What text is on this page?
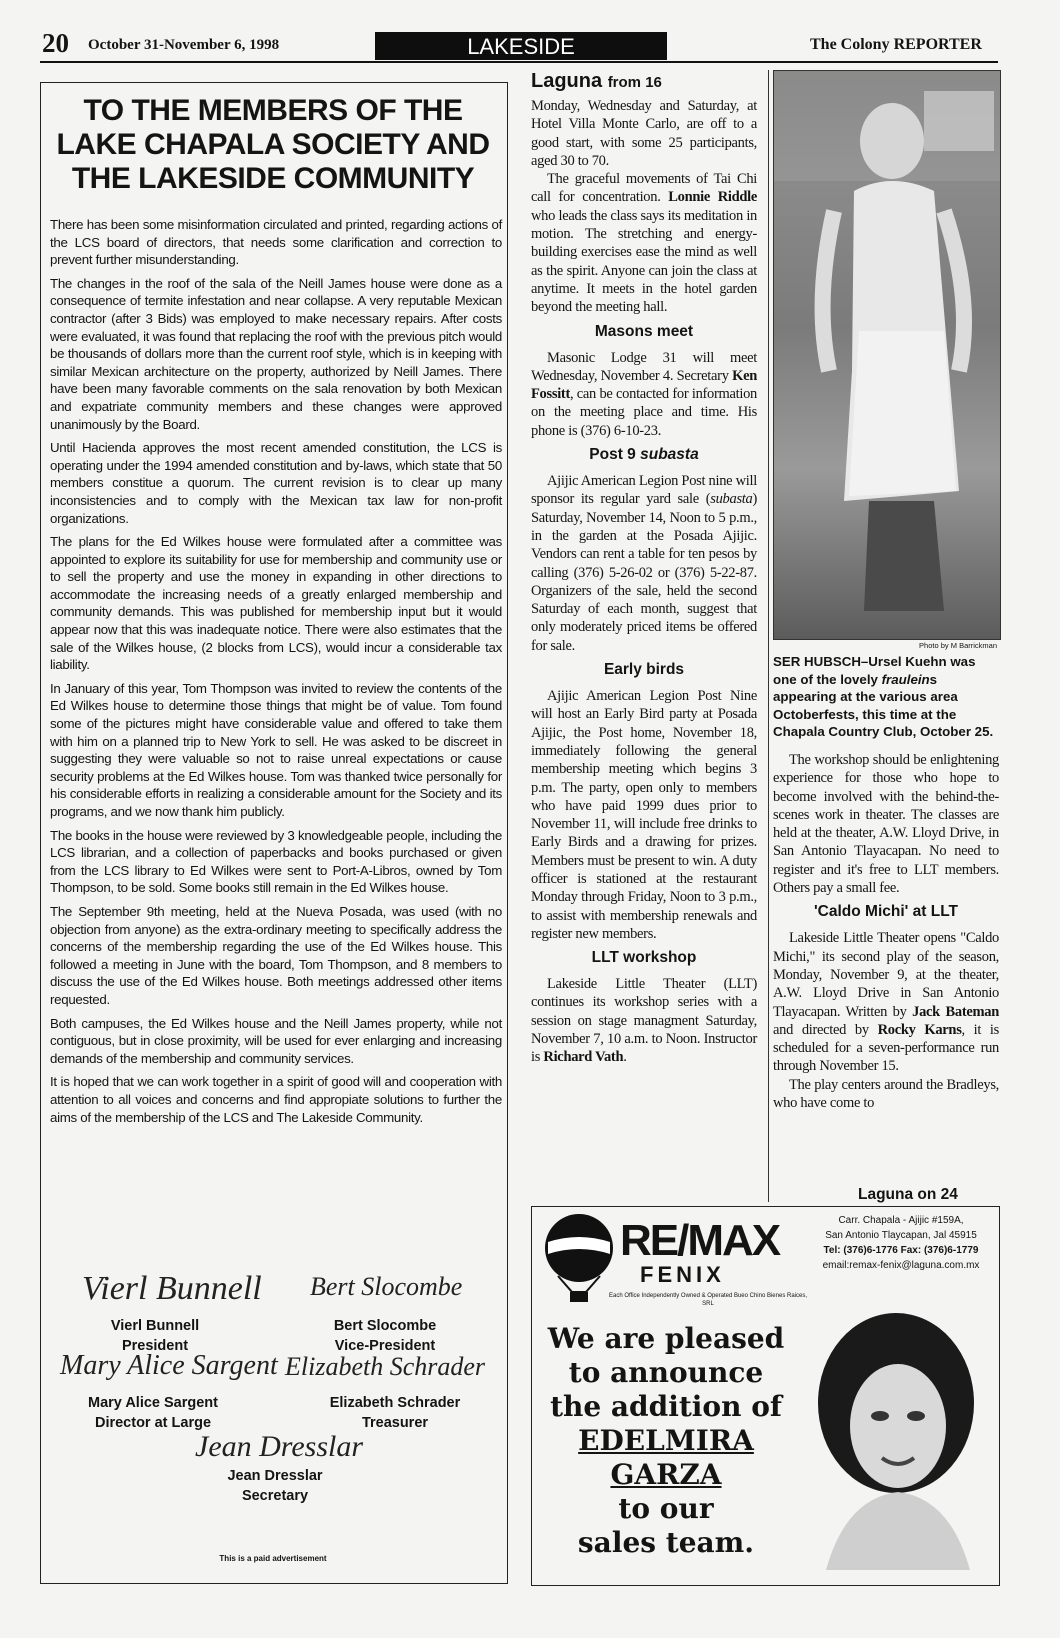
20 October 31-November 6, 1998	LAKESIDE	The Colony REPORTER
TO THE MEMBERS OF THE LAKE CHAPALA SOCIETY AND THE LAKESIDE COMMUNITY

There has been some misinformation circulated and printed, regarding actions of the LCS board of directors, that needs some clarification and correction to prevent further misunderstanding.

The changes in the roof of the sala of the Neill James house were done as a consequence of termite infestation and near collapse. A very reputable Mexican contractor (after 3 Bids) was employed to make necessary repairs. After costs were evaluated, it was found that replacing the roof with the previous pitch would be thousands of dollars more than the current roof style, which is in keeping with similar Mexican architecture on the property, authorized by Neill James. There have been many favorable comments on the sala renovation by both Mexican and expatriate community members and these changes were approved unanimously by the Board.

Until Hacienda approves the most recent amended constitution, the LCS is operating under the 1994 amended constitution and by-laws, which state that 50 members constitue a quorum. The current revision is to clear up many inconsistencies and to comply with the Mexican tax law for non-profit organizations.

The plans for the Ed Wilkes house were formulated after a committee was appointed to explore its suitability for use for membership and community use or to sell the property and use the money in expanding in other directions to accommodate the increasing needs of a greatly enlarged membership and community demands. This was published for membership input but it would appear now that this was inadequate notice. There were also estimates that the sale of the Wilkes house, (2 blocks from LCS), would incur a considerable tax liability.

In January of this year, Tom Thompson was invited to review the contents of the Ed Wilkes house to determine those things that might be of value. Tom found some of the pictures might have considerable value and offered to take them with him on a planned trip to New York to sell. He was asked to be discreet in suggesting they were valuable so not to raise unreal expectations or cause security problems at the Ed Wilkes house. Tom was thanked twice personally for his considerable efforts in realizing a considerable amount for the Society and its programs, and we now thank him publicly.

The books in the house were reviewed by 3 knowledgeable people, including the LCS librarian, and a collection of paperbacks and books purchased or given from the LCS library to Ed Wilkes were sent to Port-A-Libros, owned by Tom Thompson, to be sold. Some books still remain in the Ed Wilkes house.

The September 9th meeting, held at the Nueva Posada, was used (with no objection from anyone) as the extra-ordinary meeting to specifically address the concerns of the membership regarding the use of the Ed Wilkes house. This followed a meeting in June with the board, Tom Thompson, and 8 members to discuss the use of the Ed Wilkes house. Both meetings addressed other items requested.

Both campuses, the Ed Wilkes house and the Neill James property, while not contiguous, but in close proximity, will be used for ever enlarging and increasing demands of the membership and community services.

It is hoped that we can work together in a spirit of good will and cooperation with attention to all voices and concerns and find appropiate solutions to further the aims of the membership of the LCS and The Lakeside Community.

Vierl Bunnell
Vierl Bunnell
President
Bert Slocombe
Bert Slocombe
Vice-President
Mary Alice Sargent
Mary Alice Sargent
Director at Large
Elizabeth Schrader
Elizabeth Schrader
Treasurer
Jean Dresslar
Jean Dresslar
Secretary
This is a paid advertisement
Laguna from 16

Monday, Wednesday and Saturday, at Hotel Villa Monte Carlo, are off to a good start, with some 25 participants, aged 30 to 70.

The graceful movements of Tai Chi call for concentration. Lonnie Riddle who leads the class says its meditation in motion. The stretching and energy-building exercises ease the mind as well as the spirit. Anyone can join the class at anytime. It meets in the hotel garden beyond the meeting hall.

Masons meet

Masonic Lodge 31 will meet Wednesday, November 4. Secretary Ken Fossitt, can be contacted for information on the meeting place and time. His phone is (376) 6-10-23.

Post 9 subasta

Ajijic American Legion Post nine will sponsor its regular yard sale (subasta) Saturday, November 14, Noon to 5 p.m., in the garden at the Posada Ajijic. Vendors can rent a table for ten pesos by calling (376) 5-26-02 or (376) 5-22-87. Organizers of the sale, held the second Saturday of each month, suggest that only moderately priced items be offered for sale.

Early birds

Ajijic American Legion Post Nine will host an Early Bird party at Posada Ajijic, the Post home, November 18, immediately following the general membership meeting which begins 3 p.m. The party, open only to members who have paid 1999 dues prior to November 11, will include free drinks to Early Birds and a drawing for prizes. Members must be present to win. A duty officer is stationed at the restaurant Monday through Friday, Noon to 3 p.m., to assist with membership renewals and register new members.

LLT workshop

Lakeside Little Theater (LLT) continues its workshop series with a session on stage managment Saturday, November 7, 10 a.m. to Noon. Instructor is Richard Vath.

Photo by M Barrickman
SER HUBSCH–Ursel Kuehn was one of the lovely frauleins appearing at the various area Octoberfests, this time at the Chapala Country Club, October 25.

The workshop should be enlightening experience for those who hope to become involved with the behind-the-scenes work in theater. The classes are held at the theater, A.W. Lloyd Drive, in San Antonio Tlayacapan. No need to register and it's free to LLT members. Others pay a small fee.

'Caldo Michi' at LLT

Lakeside Little Theater opens "Caldo Michi," its second play of the season, Monday, November 9, at the theater, A.W. Lloyd Drive in San Antonio Tlayacapan. Written by Jack Bateman and directed by Rocky Karns, it is scheduled for a seven-performance run through November 15.

The play centers around the Bradleys, who have come to

Laguna on 24
RE/MAX
FENIX
Each Office Independently Owned & Operated Bueo Chino Bienes Raices, SRL
Carr. Chapala - Ajijic #159A,
San Antonio Tlaycapan, Jal 45915
Tel: (376)6-1776 Fax: (376)6-1779
email:remax-fenix@laguna.com.mx
We are pleased
to announce
the addition of
EDELMIRA
GARZA
to our
sales team.
